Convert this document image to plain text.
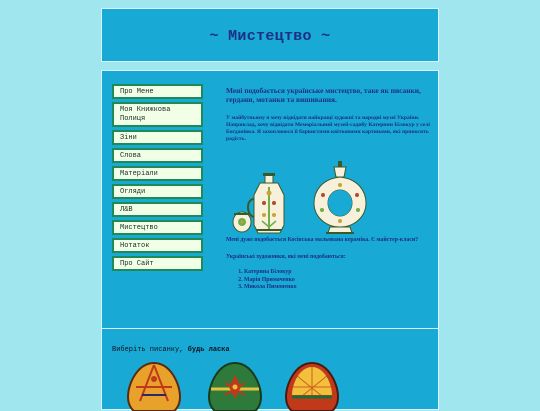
~ Мистецтво ~
Про Мене
Моя Книжкова Полиця
Зіни
Слова
Матеріали
Огляди
Л&В
Мистецтво
Нотаток
Про Сайт

Мені подобається українське мистецтво, таке як писанки, гердани, мотанки та вишивання.

У майбутньому я хочу відвідати найкращі художні та народні музеї України. Наприклад, хочу відвідати Меморіальний музей-садибу Катерини Білокур у селі Богданівка. Я захоплююся її барвистими квітковими картинами, які приносять радість.

Мені дуже подобається Косівська мальована кераміка. Є майстер-класи?

Українські художники, які мені подобаються:

1. Катерина Білокур
2. Марія Примаченко
3. Микола Пимоненко
Виберіть писанку, будь ласка
